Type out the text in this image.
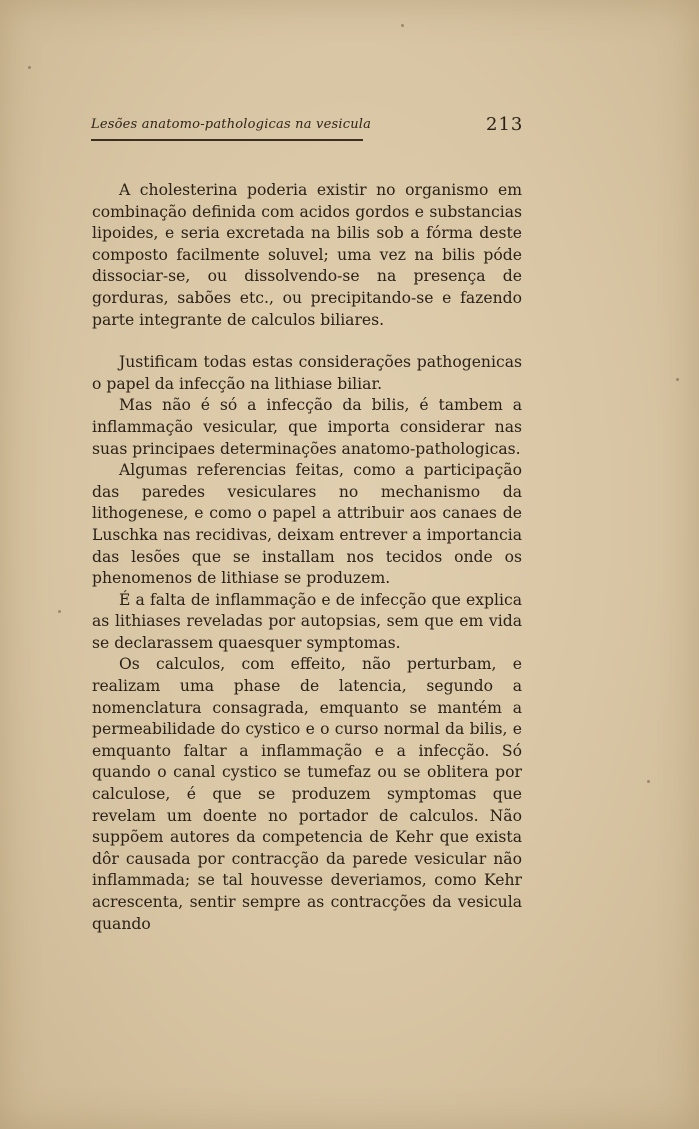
Lesões anatomo-pathologicas na vesicula	213

A cholesterina poderia existir no organismo em combinação definida com acidos gordos e substancias lipoides, e seria excretada na bilis sob a fórma deste composto facilmente soluvel; uma vez na bilis póde dissociar-se, ou dissolvendo-se na presença de gorduras, sabões etc., ou precipitando-se e fazendo parte integrante de calculos biliares.

Justificam todas estas considerações pathogenicas o papel da infecção na lithiase biliar.

Mas não é só a infecção da bilis, é tambem a inflammação vesicular, que importa considerar nas suas principaes determinações anatomo-pathologicas.

Algumas referencias feitas, como a participação das paredes vesiculares no mechanismo da lithogenese, e como o papel a attribuir aos canaes de Luschka nas recidivas, deixam entrever a importancia das lesões que se installam nos tecidos onde os phenomenos de lithiase se produzem.

É a falta de inflammação e de infecção que explica as lithiases reveladas por autopsias, sem que em vida se declarassem quaesquer symptomas.

Os calculos, com effeito, não perturbam, e realizam uma phase de latencia, segundo a nomenclatura consagrada, emquanto se mantém a permeabilidade do cystico e o curso normal da bilis, e emquanto faltar a inflammação e a infecção. Só quando o canal cystico se tumefaz ou se oblitera por calculose, é que se produzem symptomas que revelam um doente no portador de calculos. Não suppõem autores da competencia de Kehr que exista dôr causada por contracção da parede vesicular não inflammada; se tal houvesse deveriamos, como Kehr acrescenta, sentir sempre as contracções da vesicula quando
